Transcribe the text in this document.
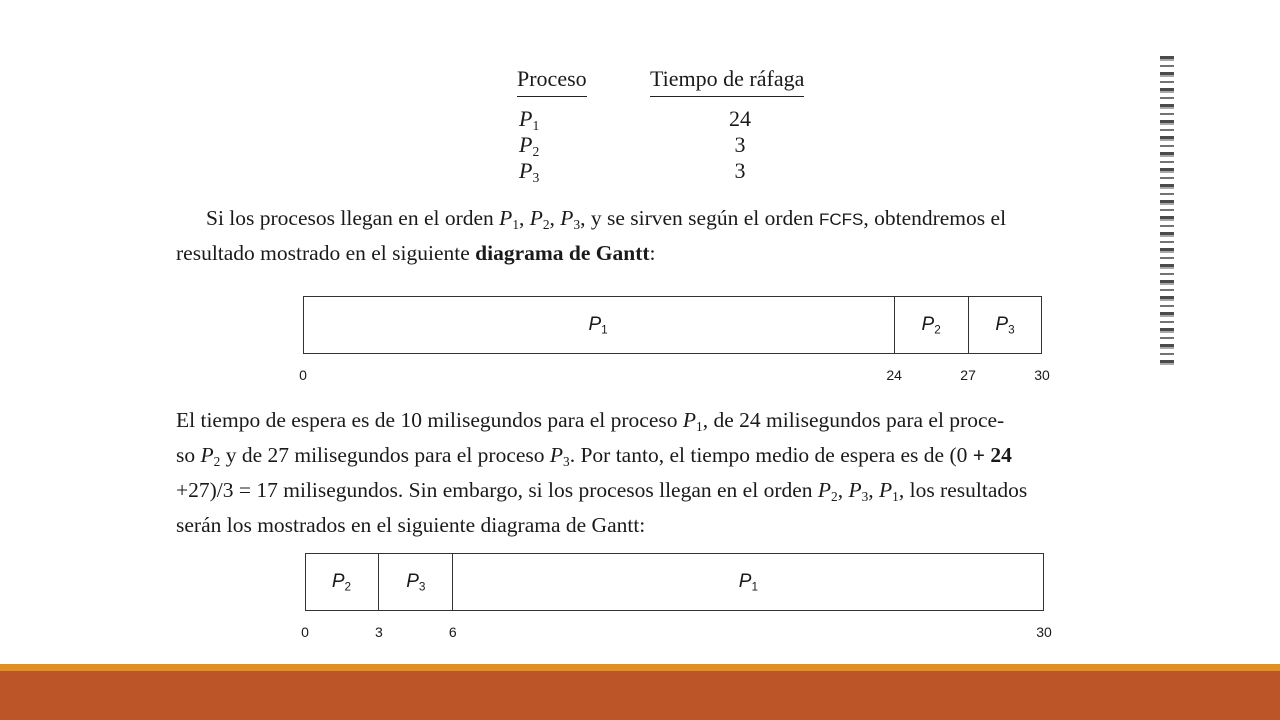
Proceso	Tiempo de ráfaga
$P_1$	24
$P_2$	3
$P_3$	3

Si los procesos llegan en el orden $P_1$, $P_2$, $P_3$, y se sirven según el orden FCFS, obtendremos el
resultado mostrado en el siguiente diagrama de Gantt:

$P_1$	$P_2$	$P_3$
0	24	27	30

El tiempo de espera es de 10 milisegundos para el proceso $P_1$, de 24 milisegundos para el proce-
so $P_2$ y de 27 milisegundos para el proceso $P_3$. Por tanto, el tiempo medio de espera es de (0 + 24
+27)/3 = 17 milisegundos. Sin embargo, si los procesos llegan en el orden $P_2$, $P_3$, $P_1$, los resultados
serán los mostrados en el siguiente diagrama de Gantt:

$P_2$	$P_3$	$P_1$
0	3	6	30
